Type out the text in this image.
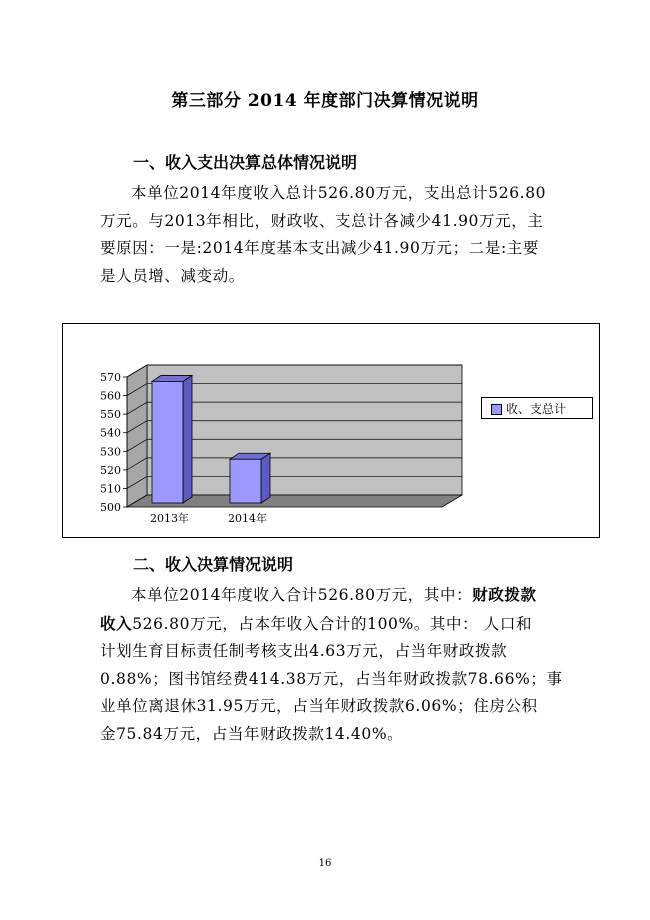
第三部分 2014 年度部门决算情况说明
一、收入支出决算总体情况说明
本单位2014年度收入总计526.80万元，支出总计526.80
万元。与2013年相比，财政收、支总计各减少41.90万元，主
要原因：一是:2014年度基本支出减少41.90万元；二是:主要
是人员增、减变动。
500
510
520
530
540
550
560
570
2013年	2014年
收、支总计
二、收入决算情况说明
本单位2014年度收入合计526.80万元，其中：财政拨款
收入526.80万元，占本年收入合计的100%。其中： 人口和
计划生育目标责任制考核支出4.63万元，占当年财政拨款
0.88%；图书馆经费414.38万元，占当年财政拨款78.66%；事
业单位离退休31.95万元，占当年财政拨款6.06%；住房公积
金75.84万元，占当年财政拨款14.40%。
16
